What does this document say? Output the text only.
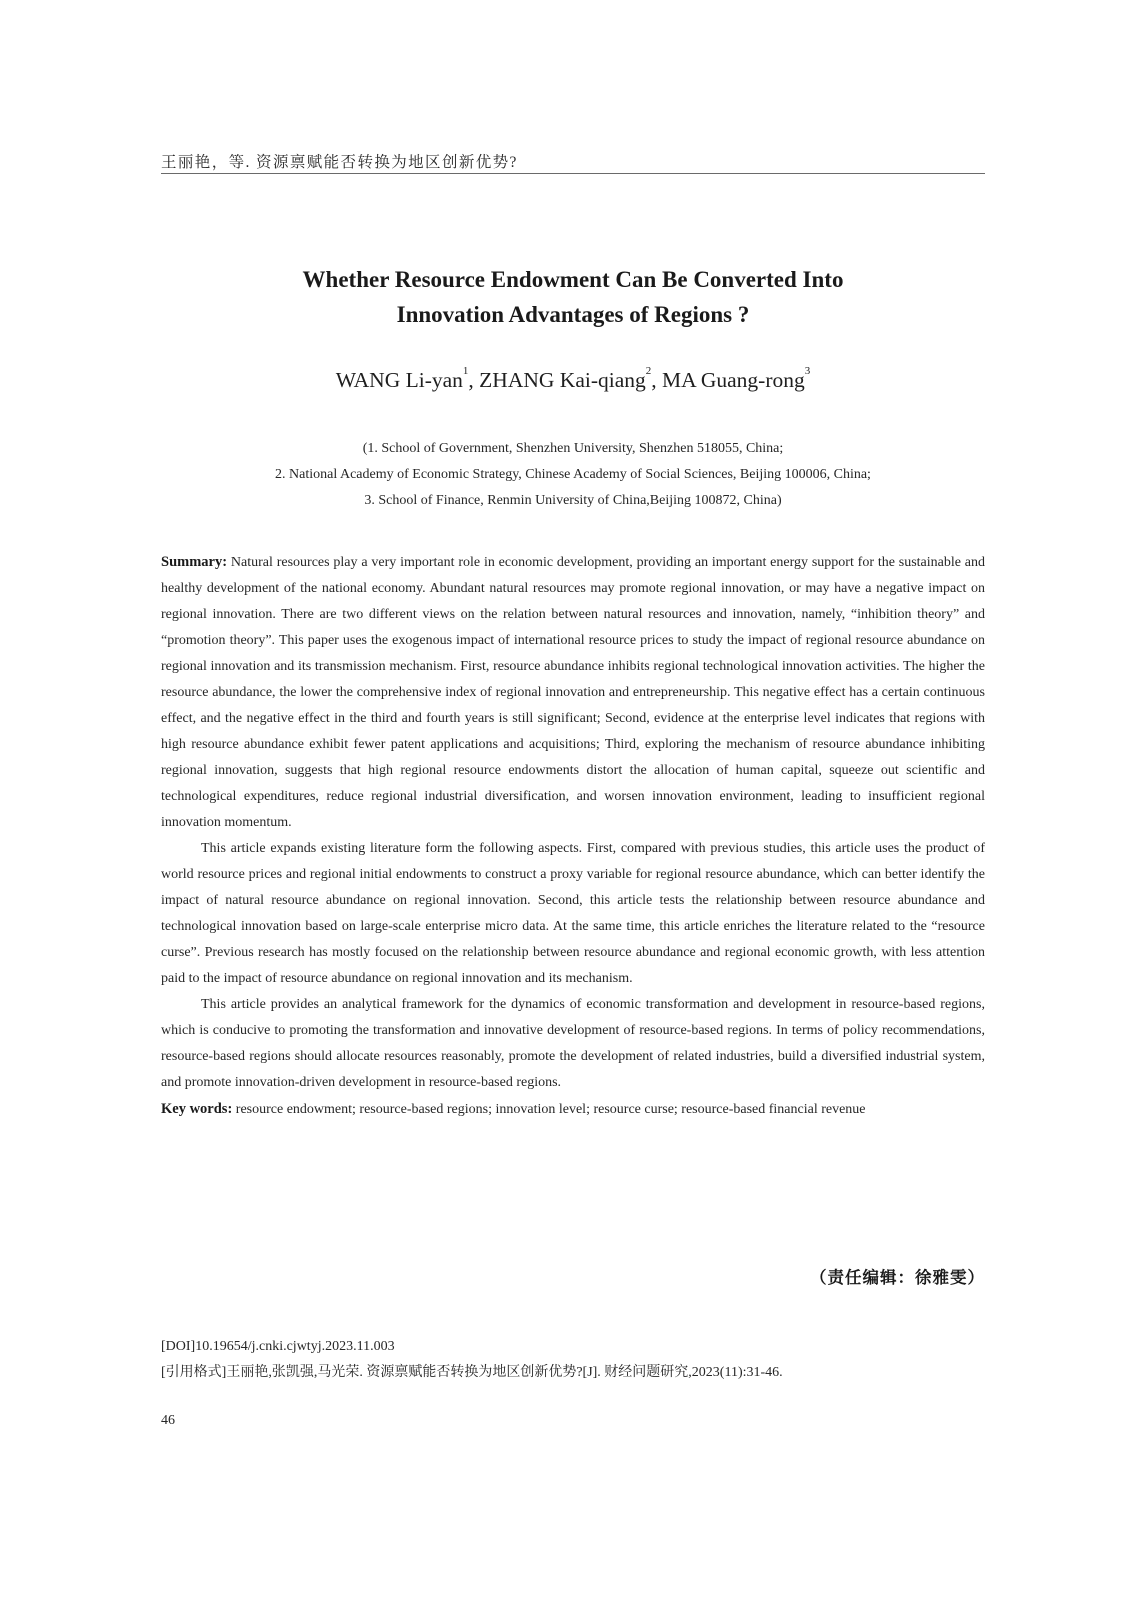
王丽艳，等. 资源禀赋能否转换为地区创新优势?
Whether Resource Endowment Can Be Converted Into
Innovation Advantages of Regions ?
WANG Li-yan$^1$, ZHANG Kai-qiang$^2$, MA Guang-rong$^3$
(1. School of Government, Shenzhen University, Shenzhen 518055, China;
2. National Academy of Economic Strategy, Chinese Academy of Social Sciences, Beijing 100006, China;
3. School of Finance, Renmin University of China,Beijing 100872, China)

Summary: Natural resources play a very important role in economic development, providing an important energy support for the sustainable and healthy development of the national economy. Abundant natural resources may promote regional innovation, or may have a negative impact on regional innovation. There are two different views on the relation between natural resources and innovation, namely, “inhibition theory” and “promotion theory”. This paper uses the exogenous impact of international resource prices to study the impact of regional resource abundance on regional innovation and its transmission mechanism. First, resource abundance inhibits regional technological innovation activities. The higher the resource abundance, the lower the comprehensive index of regional innovation and entrepreneurship. This negative effect has a certain continuous effect, and the negative effect in the third and fourth years is still significant; Second, evidence at the enterprise level indicates that regions with high resource abundance exhibit fewer patent applications and acquisitions; Third, exploring the mechanism of resource abundance inhibiting regional innovation, suggests that high regional resource endowments distort the allocation of human capital, squeeze out scientific and technological expenditures, reduce regional industrial diversification, and worsen innovation environment, leading to insufficient regional innovation momentum.

This article expands existing literature form the following aspects. First, compared with previous studies, this article uses the product of world resource prices and regional initial endowments to construct a proxy variable for regional resource abundance, which can better identify the impact of natural resource abundance on regional innovation. Second, this article tests the relationship between resource abundance and technological innovation based on large-scale enterprise micro data. At the same time, this article enriches the literature related to the “resource curse”. Previous research has mostly focused on the relationship between resource abundance and regional economic growth, with less attention paid to the impact of resource abundance on regional innovation and its mechanism.

This article provides an analytical framework for the dynamics of economic transformation and development in resource-based regions, which is conducive to promoting the transformation and innovative development of resource-based regions. In terms of policy recommendations, resource-based regions should allocate resources reasonably, promote the development of related industries, build a diversified industrial system, and promote innovation-driven development in resource-based regions.

Key words: resource endowment; resource-based regions; innovation level; resource curse; resource-based financial revenue

（责任编辑：徐雅雯）
[DOI]10.19654/j.cnki.cjwtyj.2023.11.003
[引用格式]王丽艳,张凯强,马光荣. 资源禀赋能否转换为地区创新优势?[J]. 财经问题研究,2023(11):31-46.
46
